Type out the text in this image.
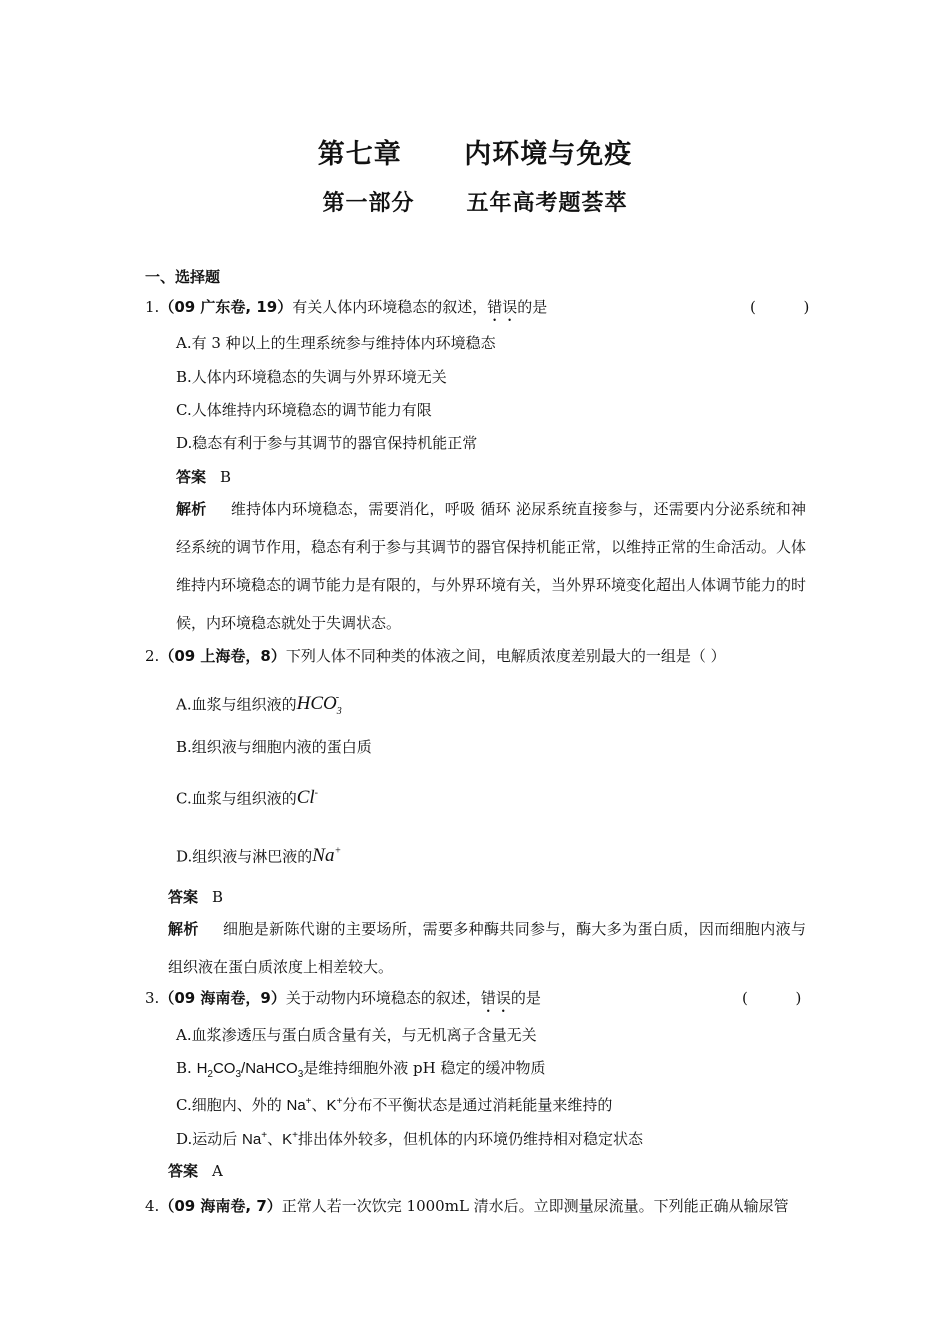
第七章      内环境与免疫
第一部分      五年高考题荟萃
一、选择题
1.（09 广东卷, 19）有关人体内环境稳态的叙述，错误的是	(          )
A.有 3 种以上的生理系统参与维持体内环境稳态
B.人体内环境稳态的失调与外界环境无关
C.人体维持内环境稳态的调节能力有限
D.稳态有利于参与其调节的器官保持机能正常
答案 B
解析 维持体内环境稳态，需要消化，呼吸 循环 泌尿系统直接参与，还需要内分泌系统和神经系统的调节作用，稳态有利于参与其调节的器官保持机能正常，以维持正常的生命活动。人体维持内环境稳态的调节能力是有限的，与外界环境有关，当外界环境变化超出人体调节能力的时候，内环境稳态就处于失调状态。
2.（09 上海卷，8）下列人体不同种类的体液之间，电解质浓度差别最大的一组是（ ）
A.血浆与组织液的$HCO_3^-$
B.组织液与细胞内液的蛋白质
C.血浆与组织液的Cl-
D.组织液与淋巴液的Na+
答案 B
解析 细胞是新陈代谢的主要场所，需要多种酶共同参与，酶大多为蛋白质，因而细胞内液与组织液在蛋白质浓度上相差较大。
3.（09 海南卷，9）关于动物内环境稳态的叙述，错误的是	(          )
A.血浆渗透压与蛋白质含量有关，与无机离子含量无关
B. $H_2CO_3/NaHCO_3$是维持细胞外液 pH 稳定的缓冲物质
C.细胞内、外的 Na+、K+分布不平衡状态是通过消耗能量来维持的
D.运动后 Na+、K+排出体外较多，但机体的内环境仍维持相对稳定状态
答案 A
4.（09 海南卷, 7）正常人若一次饮完 1000mL 清水后。立即测量尿流量。下列能正确从输尿管
